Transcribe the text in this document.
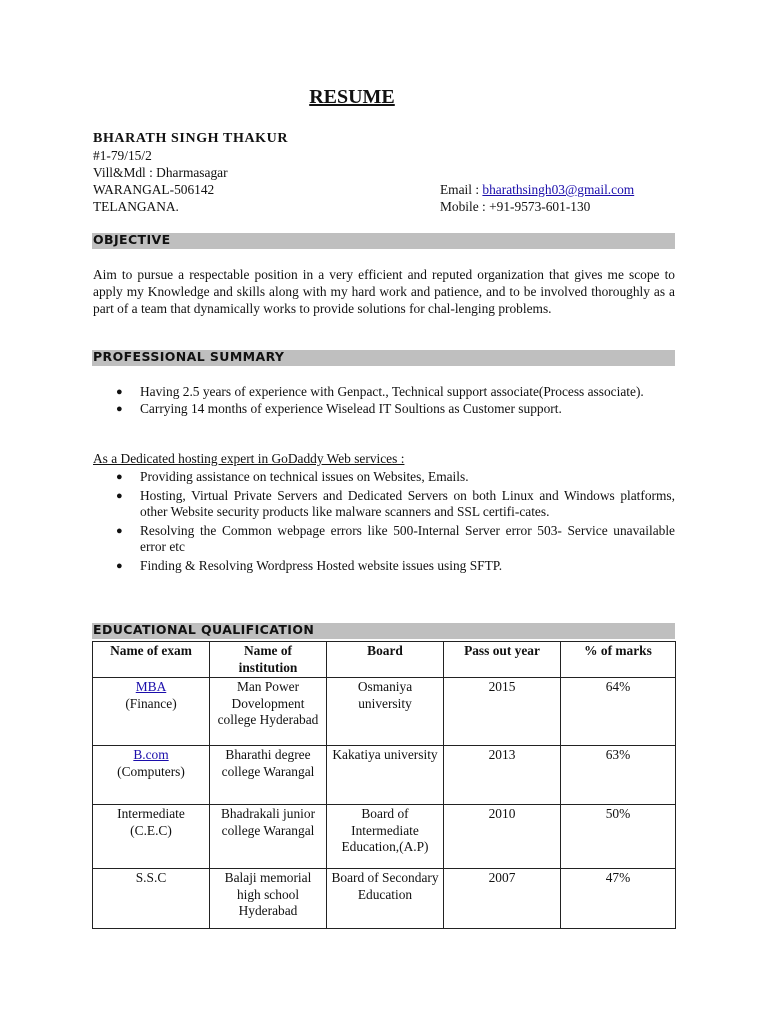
RESUME
BHARATH SINGH THAKUR
#1-79/15/2
Vill&Mdl : Dharmasagar
WARANGAL-506142
TELANGANA.
Email : bharathsingh03@gmail.com
Mobile : +91-9573-601-130
OBJECTIVE
Aim to pursue a respectable position in a very efficient and reputed organization that gives me scope to apply my Knowledge and skills along with my hard work and patience, and to be involved thoroughly as a part of a team that dynamically works to provide solutions for chal-lenging problems.
PROFESSIONAL SUMMARY
● Having 2.5 years of experience with Genpact., Technical support associate(Process associate).
● Carrying 14 months of experience Wiselead IT Soultions as Customer support.
As a Dedicated hosting expert in GoDaddy Web services :
● Providing assistance on technical issues on Websites, Emails.
● Hosting, Virtual Private Servers and Dedicated Servers on both Linux and Windows platforms, other Website security products like malware scanners and SSL certifi-cates.
● Resolving the Common webpage errors like 500-Internal Server error 503- Service unavailable error etc
● Finding & Resolving Wordpress Hosted website issues using SFTP.
EDUCATIONAL QUALIFICATION
Name of exam	Name of institution	Board	Pass out year	% of marks
MBA
(Finance)	Man Power Dovelopment college Hyderabad	Osmaniya university	2015	64%
B.com
(Computers)	Bharathi degree college Warangal	Kakatiya university	2013	63%
Intermediate
(C.E.C)	Bhadrakali junior college Warangal	Board of Intermediate Education,(A.P)	2010	50%
S.S.C	Balaji memorial high school Hyderabad	Board of Secondary Education	2007	47%
